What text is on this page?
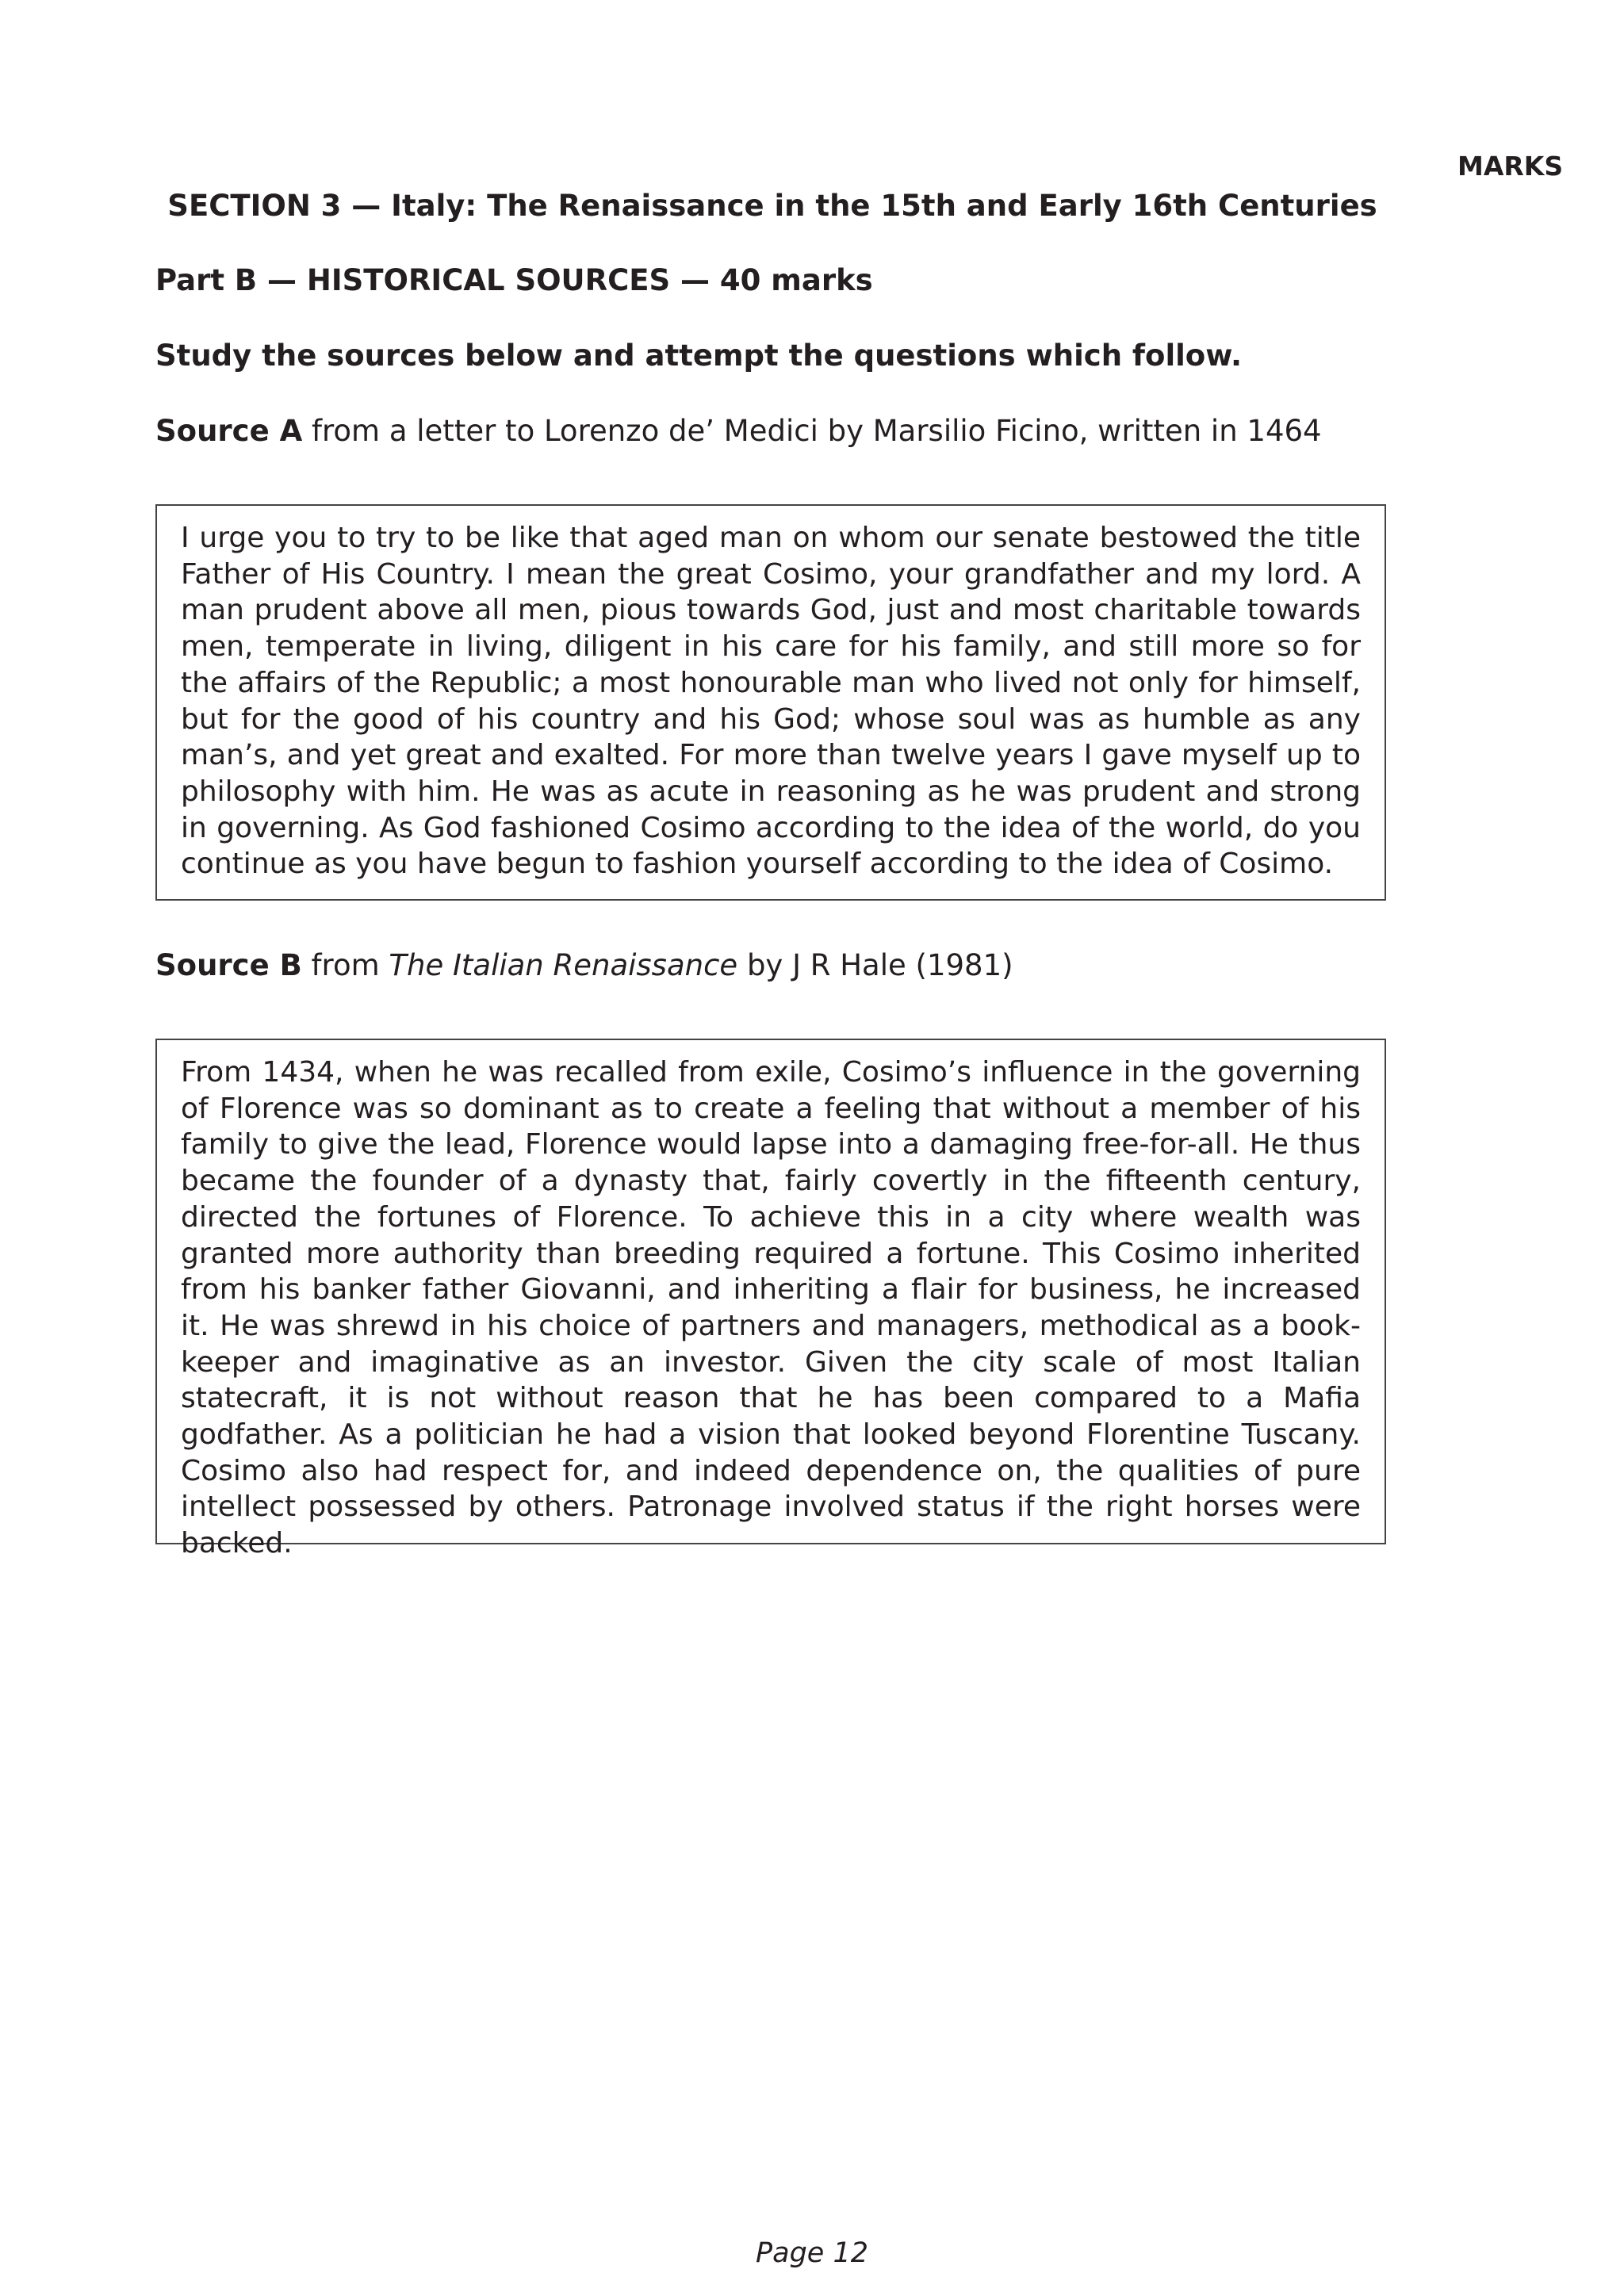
MARKS
SECTION 3 — Italy: The Renaissance in the 15th and Early 16th Centuries
Part B — HISTORICAL SOURCES — 40 marks
Study the sources below and attempt the questions which follow.
Source A from a letter to Lorenzo de’ Medici by Marsilio Ficino, written in 1464
I urge you to try to be like that aged man on whom our senate bestowed the title Father of His Country. I mean the great Cosimo, your grandfather and my lord. A man prudent above all men, pious towards God, just and most charitable towards men, temperate in living, diligent in his care for his family, and still more so for the affairs of the Republic; a most honourable man who lived not only for himself, but for the good of his country and his God; whose soul was as humble as any man’s, and yet great and exalted. For more than twelve years I gave myself up to philosophy with him. He was as acute in reasoning as he was prudent and strong in governing. As God fashioned Cosimo according to the idea of the world, do you continue as you have begun to fashion yourself according to the idea of Cosimo.
Source B from The Italian Renaissance by J R Hale (1981)
From 1434, when he was recalled from exile, Cosimo’s influence in the governing of Florence was so dominant as to create a feeling that without a member of his family to give the lead, Florence would lapse into a damaging free-for-all. He thus became the founder of a dynasty that, fairly covertly in the fifteenth century, directed the fortunes of Florence. To achieve this in a city where wealth was granted more authority than breeding required a fortune. This Cosimo inherited from his banker father Giovanni, and inheriting a flair for business, he increased it. He was shrewd in his choice of partners and managers, methodical as a book-keeper and imaginative as an investor. Given the city scale of most Italian statecraft, it is not without reason that he has been compared to a Mafia godfather. As a politician he had a vision that looked beyond Florentine Tuscany. Cosimo also had respect for, and indeed dependence on, the qualities of pure intellect possessed by others. Patronage involved status if the right horses were backed.
Page 12
